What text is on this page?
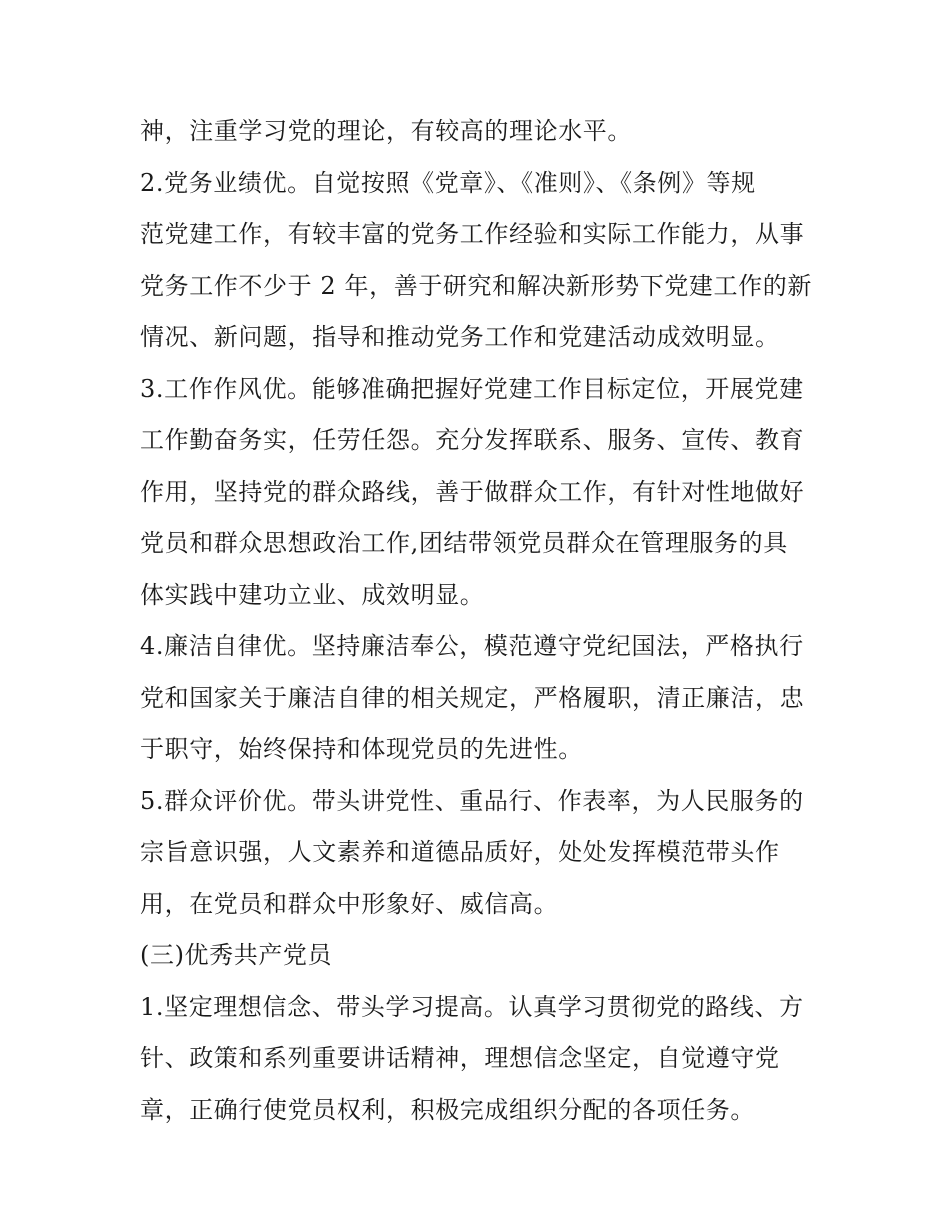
神，注重学习党的理论，有较高的理论水平。
2.党务业绩优。自觉按照《党章》、《准则》、《条例》等规
范党建工作，有较丰富的党务工作经验和实际工作能力，从事
党务工作不少于 2 年，善于研究和解决新形势下党建工作的新
情况、新问题，指导和推动党务工作和党建活动成效明显。
3.工作作风优。能够准确把握好党建工作目标定位，开展党建
工作勤奋务实，任劳任怨。充分发挥联系、服务、宣传、教育
作用，坚持党的群众路线，善于做群众工作，有针对性地做好
党员和群众思想政治工作,团结带领党员群众在管理服务的具
体实践中建功立业、成效明显。
4.廉洁自律优。坚持廉洁奉公，模范遵守党纪国法，严格执行
党和国家关于廉洁自律的相关规定，严格履职，清正廉洁，忠
于职守，始终保持和体现党员的先进性。
5.群众评价优。带头讲党性、重品行、作表率，为人民服务的
宗旨意识强，人文素养和道德品质好，处处发挥模范带头作
用，在党员和群众中形象好、威信高。
(三)优秀共产党员
1.坚定理想信念、带头学习提高。认真学习贯彻党的路线、方
针、政策和系列重要讲话精神，理想信念坚定，自觉遵守党
章，正确行使党员权利，积极完成组织分配的各项任务。
